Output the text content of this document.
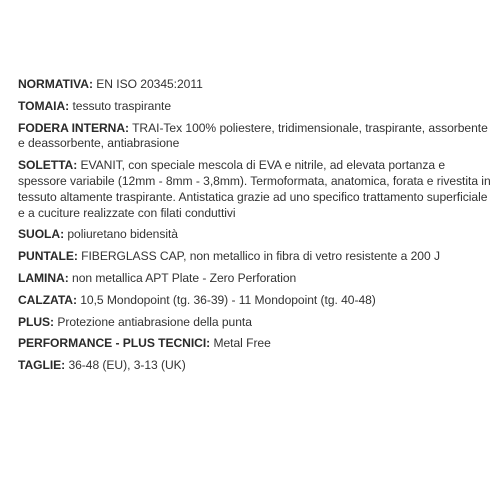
NORMATIVA: EN ISO 20345:2011

TOMAIA: tessuto traspirante

FODERA INTERNA: TRAI-Tex 100% poliestere, tridimensionale, traspirante, assorbente e deassorbente, antiabrasione

SOLETTA: EVANIT, con speciale mescola di EVA e nitrile, ad elevata portanza e spessore variabile (12mm - 8mm - 3,8mm). Termoformata, anatomica, forata e rivestita in tessuto altamente traspirante. Antistatica grazie ad uno specifico trattamento superficiale e a cuciture realizzate con filati conduttivi

SUOLA: poliuretano bidensità

PUNTALE: FIBERGLASS CAP, non metallico in fibra di vetro resistente a 200 J

LAMINA: non metallica APT Plate - Zero Perforation

CALZATA: 10,5 Mondopoint (tg. 36-39) - 11 Mondopoint (tg. 40-48)

PLUS: Protezione antiabrasione della punta

PERFORMANCE - PLUS TECNICI: Metal Free

TAGLIE: 36-48 (EU), 3-13 (UK)
